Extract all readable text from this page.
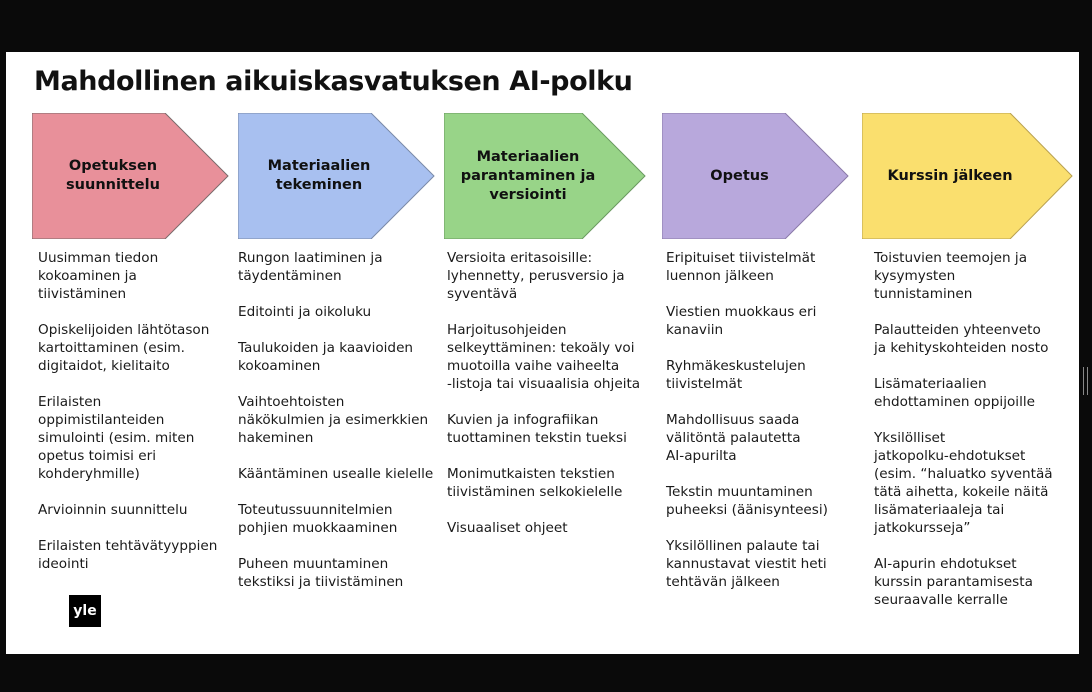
Mahdollinen aikuiskasvatuksen AI-polku
Opetuksen
suunnittelu
Uusimman tiedon
kokoaminen ja
tiivistäminen
Opiskelijoiden lähtötason
kartoittaminen (esim.
digitaidot, kielitaito
Erilaisten
oppimistilanteiden
simulointi (esim. miten
opetus toimisi eri
kohderyhmille)
Arvioinnin suunnittelu
Erilaisten tehtävätyyppien
ideointi
Materiaalien
tekeminen
Rungon laatiminen ja
täydentäminen
Editointi ja oikoluku
Taulukoiden ja kaavioiden
kokoaminen
Vaihtoehtoisten
näkökulmien ja esimerkkien
hakeminen
Kääntäminen usealle kielelle
Toteutussuunnitelmien
pohjien muokkaaminen
Puheen muuntaminen
tekstiksi ja tiivistäminen
Materiaalien
parantaminen ja
versiointi
Versioita eritasoisille:
lyhennetty, perusversio ja
syventävä
Harjoitusohjeiden
selkeyttäminen: tekoäly voi
muotoilla vaihe vaiheelta
-listoja tai visuaalisia ohjeita
Kuvien ja infografiikan
tuottaminen tekstin tueksi
Monimutkaisten tekstien
tiivistäminen selkokielelle
Visuaaliset ohjeet
Opetus
Eripituiset tiivistelmät
luennon jälkeen
Viestien muokkaus eri
kanaviin
Ryhmäkeskustelujen
tiivistelmät
Mahdollisuus saada
välitöntä palautetta
AI-apurilta
Tekstin muuntaminen
puheeksi (äänisynteesi)
Yksilöllinen palaute tai
kannustavat viestit heti
tehtävän jälkeen
Kurssin jälkeen
Toistuvien teemojen ja
kysymysten
tunnistaminen
Palautteiden yhteenveto
ja kehityskohteiden nosto
Lisämateriaalien
ehdottaminen oppijoille
Yksilölliset
jatkopolku-ehdotukset
(esim. “haluatko syventää
tätä aihetta, kokeile näitä
lisämateriaaleja tai
jatkokursseja”
AI-apurin ehdotukset
kurssin parantamisesta
seuraavalle kerralle
yle
